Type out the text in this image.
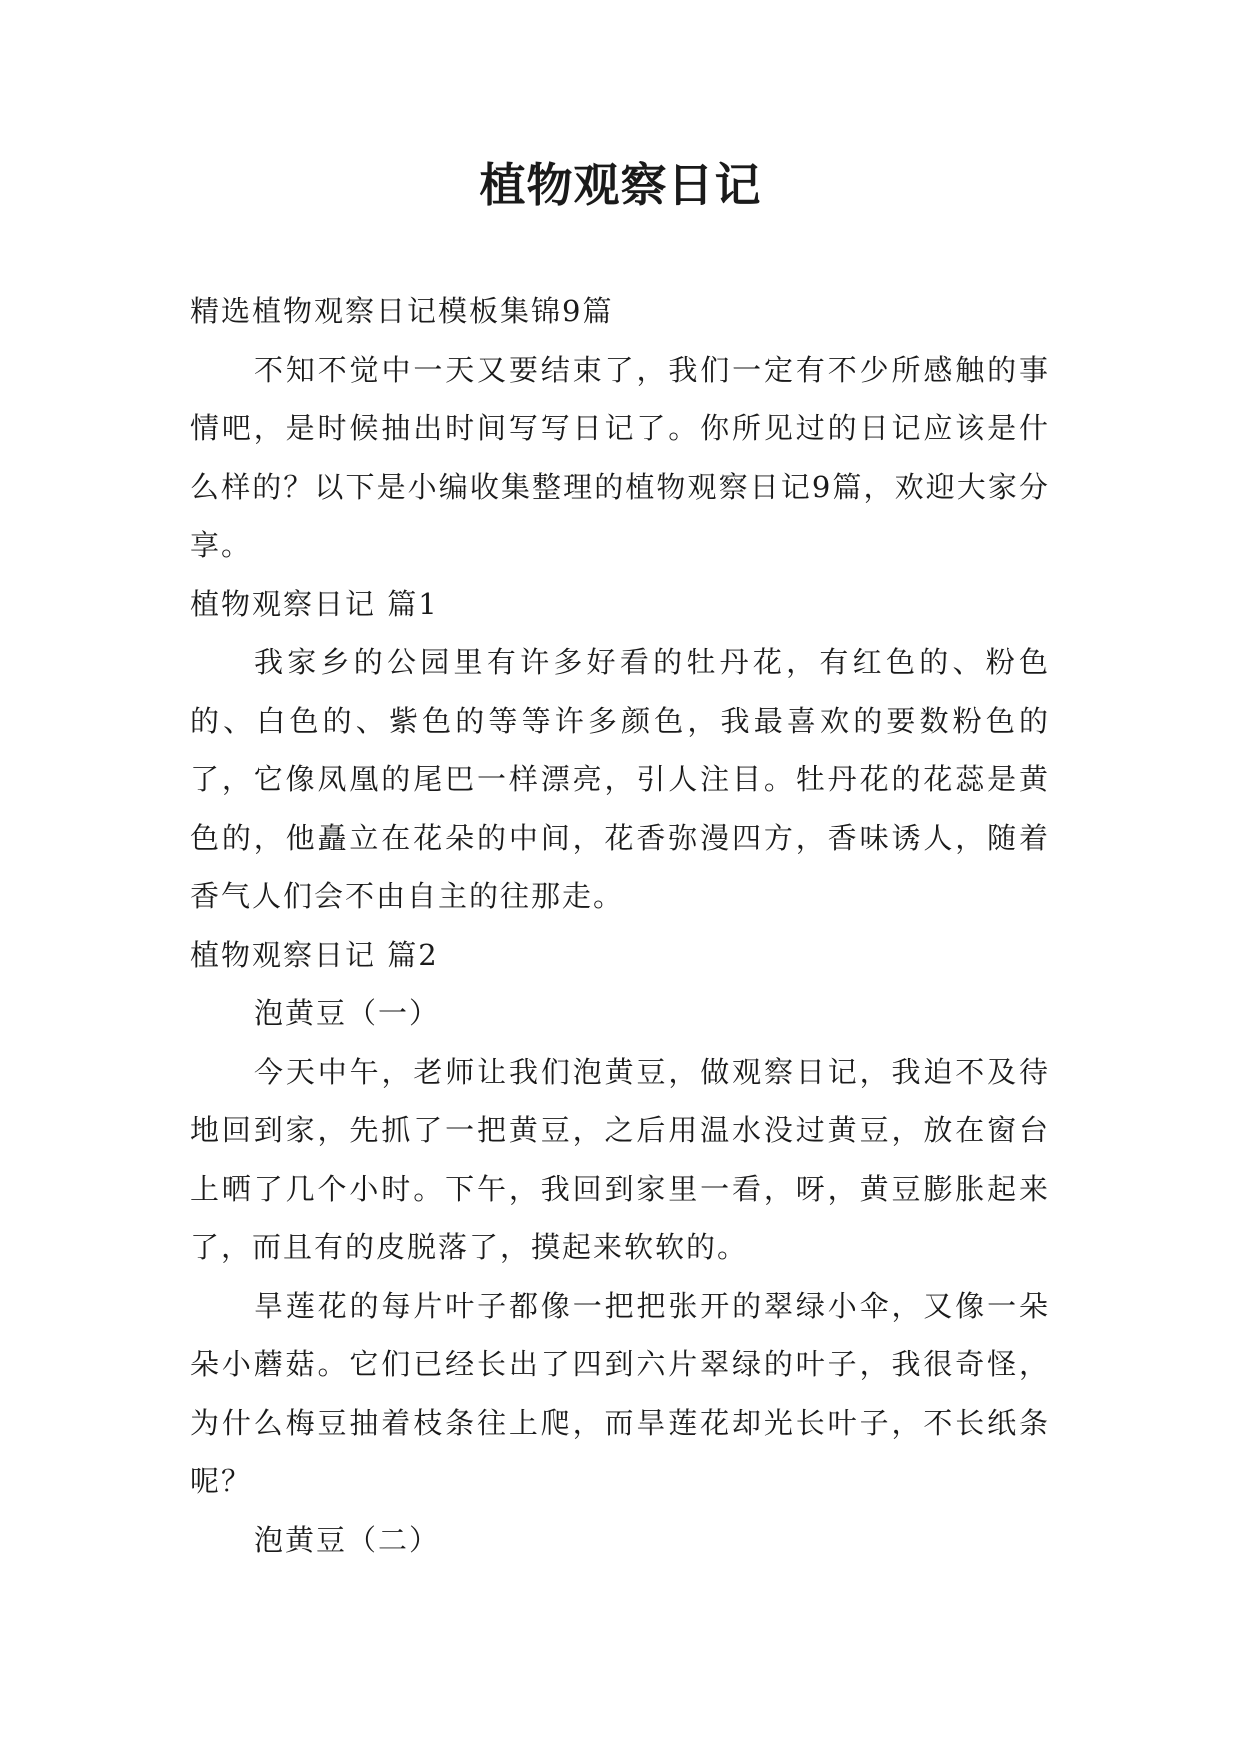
植物观察日记

精选植物观察日记模板集锦9篇

不知不觉中一天又要结束了，我们一定有不少所感触的事情吧，是时候抽出时间写写日记了。你所见过的日记应该是什么样的？以下是小编收集整理的植物观察日记9篇，欢迎大家分享。

植物观察日记 篇1

我家乡的公园里有许多好看的牡丹花，有红色的、粉色的、白色的、紫色的等等许多颜色，我最喜欢的要数粉色的了，它像凤凰的尾巴一样漂亮，引人注目。牡丹花的花蕊是黄色的，他矗立在花朵的中间，花香弥漫四方，香味诱人，随着香气人们会不由自主的往那走。

植物观察日记 篇2

泡黄豆（一）

今天中午，老师让我们泡黄豆，做观察日记，我迫不及待地回到家，先抓了一把黄豆，之后用温水没过黄豆，放在窗台上晒了几个小时。下午，我回到家里一看，呀，黄豆膨胀起来了，而且有的皮脱落了，摸起来软软的。

旱莲花的每片叶子都像一把把张开的翠绿小伞，又像一朵朵小蘑菇。它们已经长出了四到六片翠绿的叶子，我很奇怪，为什么梅豆抽着枝条往上爬，而旱莲花却光长叶子，不长纸条呢？

泡黄豆（二）
